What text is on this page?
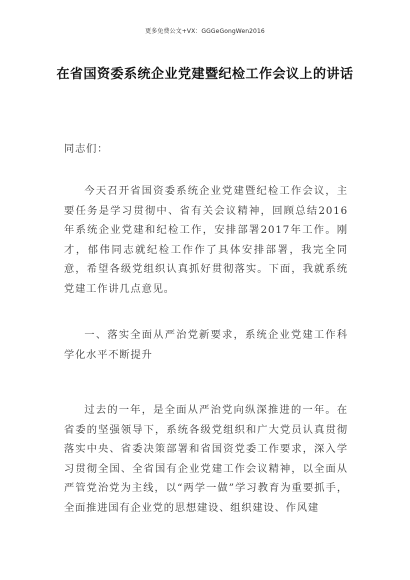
更多免费公文+VX：GGGeGongWen2016
在省国资委系统企业党建暨纪检工作会议上的讲话
同志们：

今天召开省国资委系统企业党建暨纪检工作会议，主要任务是学习贯彻中、省有关会议精神，回顾总结2016年系统企业党建和纪检工作，安排部署2017年工作。刚才，郁伟同志就纪检工作作了具体安排部署，我完全同意，希望各级党组织认真抓好贯彻落实。下面，我就系统党建工作讲几点意见。

一、落实全面从严治党新要求，系统企业党建工作科学化水平不断提升

过去的一年，是全面从严治党向纵深推进的一年。在省委的坚强领导下，系统各级党组织和广大党员认真贯彻落实中央、省委决策部署和省国资党委工作要求，深入学习贯彻全国、全省国有企业党建工作会议精神，以全面从严管党治党为主线，以“两学一做”学习教育为重要抓手，全面推进国有企业党的思想建设、组织建设、作风建
